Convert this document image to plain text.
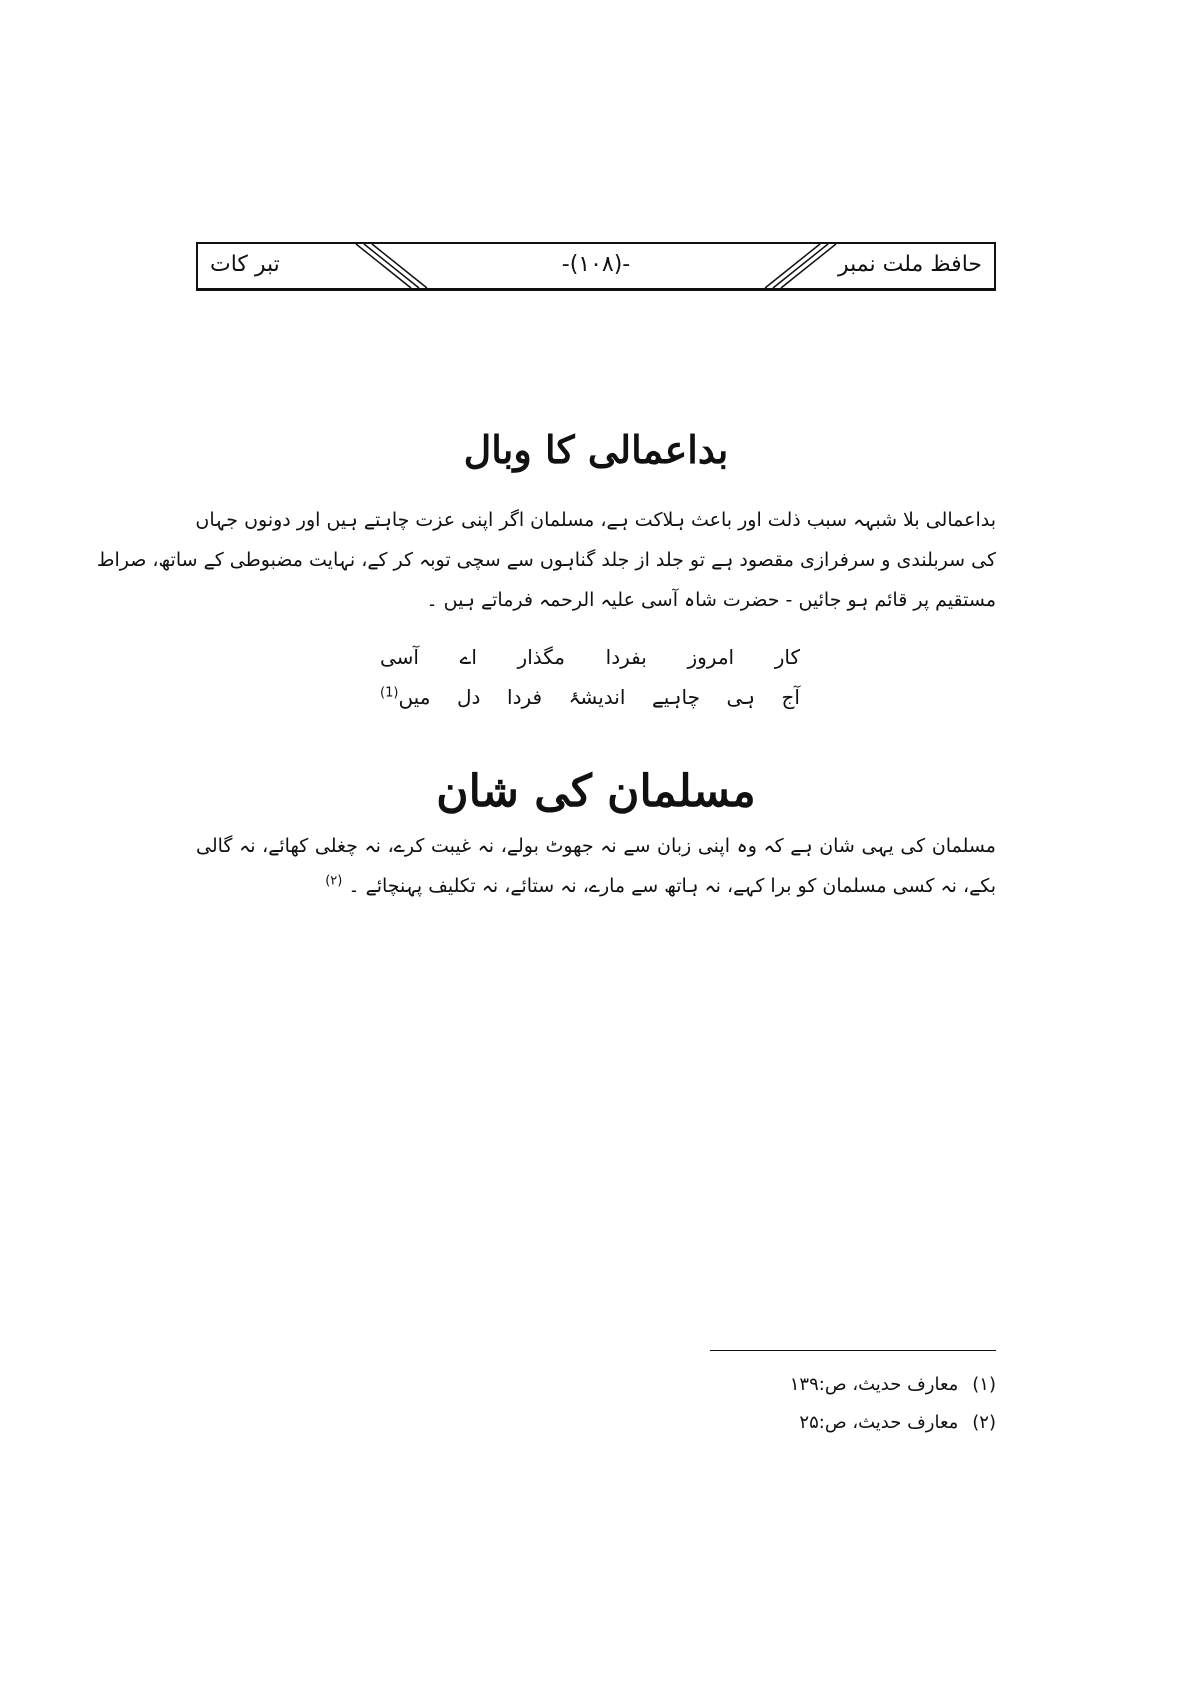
حافظ ملت نمبر
-(۱۰۸)-
تبر کات
بداعمالی کا وبال
بداعمالی بلا شبہہ سبب ذلت اور باعث ہلاکت ہے، مسلمان اگر اپنی عزت چاہتے ہیں اور دونوں جہاں
کی سربلندی و سرفرازی مقصود ہے تو جلد از جلد گناہوں سے سچی توبہ کر کے، نہایت مضبوطی کے ساتھ، صراط
مستقیم پر قائم ہو جائیں - حضرت شاہ آسی علیہ الرحمہ فرماتے ہیں ۔
کار امروز بفردا مگذار اے آسی
آج ہی چاہیے اندیشۂ فردا دل میں$^{(1)}$
مسلمان کی شان
مسلمان کی یہی شان ہے کہ وہ اپنی زبان سے نہ جھوٹ بولے، نہ غیبت کرے، نہ چغلی کھائے، نہ گالی
بکے، نہ کسی مسلمان کو برا کہے، نہ ہاتھ سے مارے، نہ ستائے، نہ تکلیف پہنچائے ۔ $^{(۲)}$
(۱)معارف حدیث، ص:۱۳۹
(۲)معارف حدیث، ص:۲۵
